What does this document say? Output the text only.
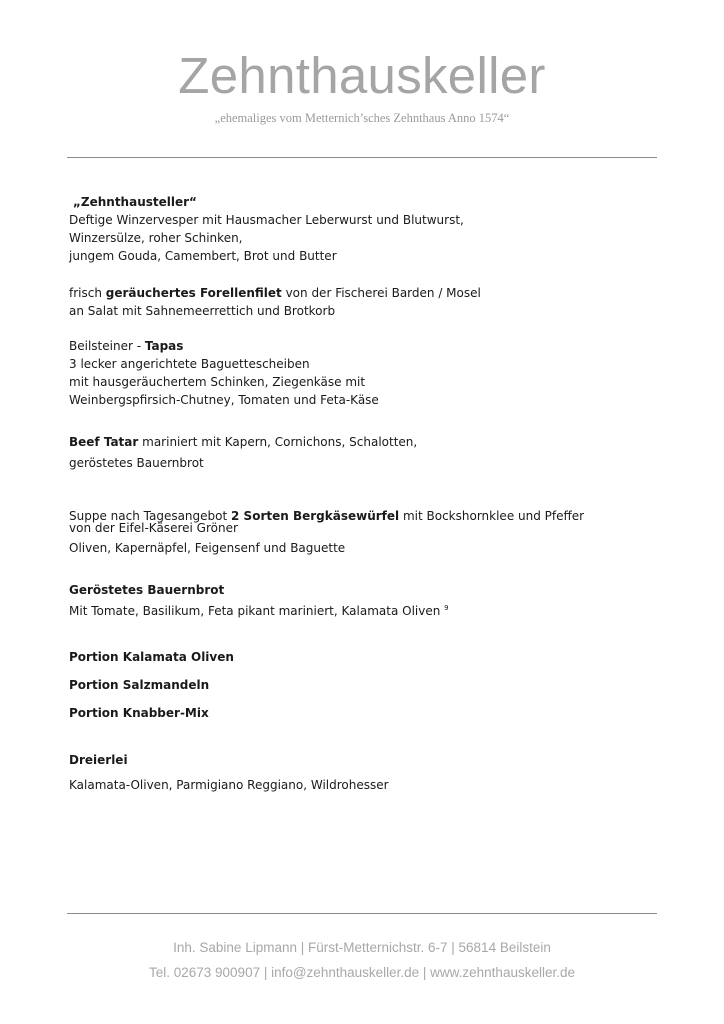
Zehnthauskeller
„ehemaliges vom Metternich’sches Zehnthaus Anno 1574“
„Zehnthausteller“
Deftige Winzervesper mit Hausmacher Leberwurst und Blutwurst,
Winzersülze, roher Schinken,
jungem Gouda, Camembert, Brot und Butter
frisch geräuchertes Forellenfilet von der Fischerei Barden / Mosel
an Salat mit Sahnemeerrettich und Brotkorb
Beilsteiner - Tapas
3 lecker angerichtete Baguettescheiben
mit hausgeräuchertem Schinken, Ziegenkäse mit
Weinbergspfirsich-Chutney, Tomaten und Feta-Käse
Beef Tatar mariniert mit Kapern, Cornichons, Schalotten,
geröstetes Bauernbrot
Suppe nach Tagesangebot 2 Sorten Bergkäsewürfel mit Bockshornklee und Pfeffer
von der Eifel-Käserei Gröner
Oliven, Kapernäpfel, Feigensenf und Baguette
Geröstetes Bauernbrot
Mit Tomate, Basilikum, Feta pikant mariniert, Kalamata Oliven $^9$
Portion Kalamata Oliven
Portion Salzmandeln
Portion Knabber-Mix
Dreierlei
Kalamata-Oliven, Parmigiano Reggiano, Wildrohesser
Inh. Sabine Lipmann | Fürst-Metternichstr. 6-7 | 56814 Beilstein
Tel. 02673 900907 | info@zehnthauskeller.de | www.zehnthauskeller.de
